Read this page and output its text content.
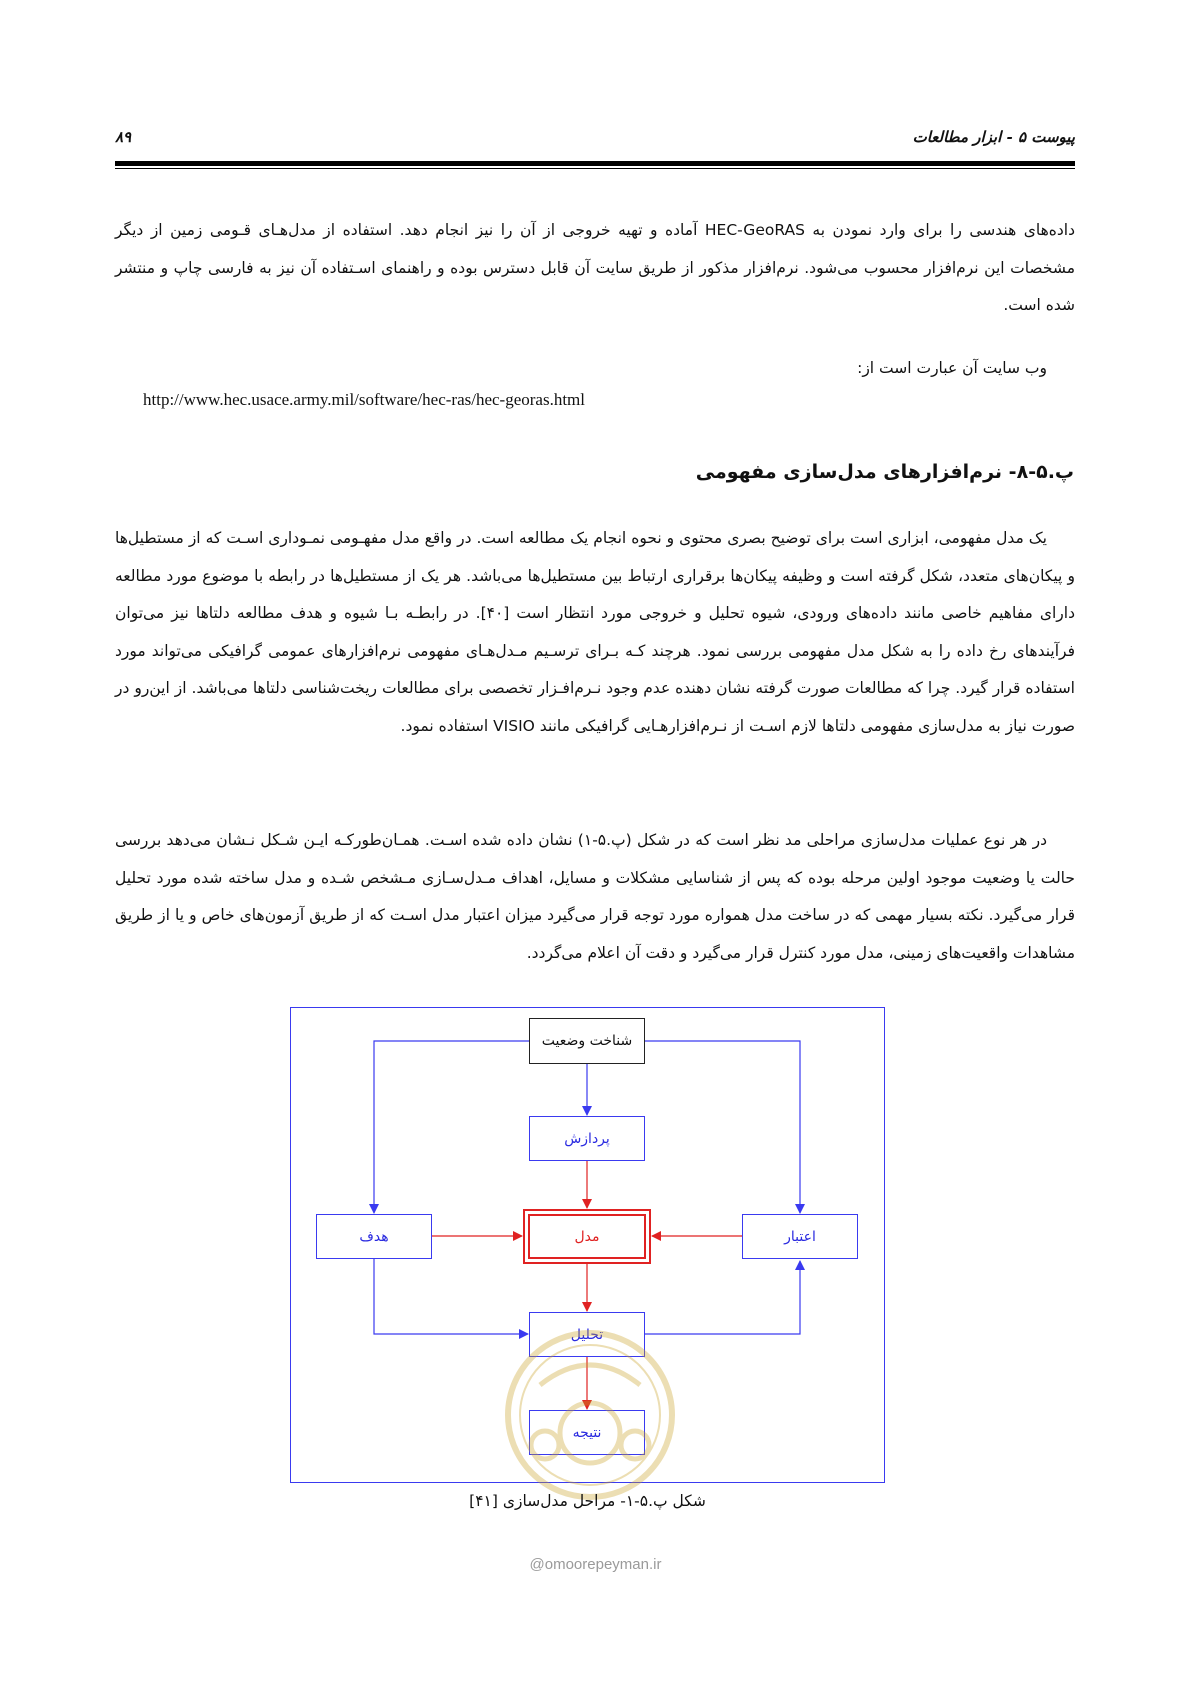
پیوست ۵ - ابزار مطالعات
۸۹

داده‌های هندسی را برای وارد نمودن به HEC-GeoRAS آماده و تهیه خروجی از آن را نیز انجام دهد. استفاده از مدل‌هـای قـومی زمین از دیگر مشخصات این نرم‌افزار محسوب می‌شود. نرم‌افزار مذکور از طریق سایت آن قابل دسترس بوده و راهنمای اسـتفاده آن نیز به فارسی چاپ و منتشر شده است.

وب سایت آن عبارت است از:

http://www.hec.usace.army.mil/software/hec-ras/hec-georas.html
پ.۵-۸- نرم‌افزارهای مدل‌سازی مفهومی

یک مدل مفهومی، ابزاری است برای توضیح بصری محتوی و نحوه انجام یک مطالعه است. در واقع مدل مفهـومی نمـوداری اسـت که از مستطیل‌ها و پیکان‌های متعدد، شکل گرفته است و وظیفه پیکان‌ها برقراری ارتباط بین مستطیل‌ها می‌باشد. هر یک از مستطیل‌ها در رابطه با موضوع مورد مطالعه دارای مفاهیم خاصی مانند داده‌های ورودی، شیوه تحلیل و خروجی مورد انتظار است [۴۰]. در رابطـه بـا شیوه و هدف مطالعه دلتاها نیز می‌توان فرآیندهای رخ داده را به شکل مدل مفهومی بررسی نمود. هرچند کـه بـرای ترسـیم مـدل‌هـای مفهومی نرم‌افزارهای عمومی گرافیکی می‌تواند مورد استفاده قرار گیرد. چرا که مطالعات صورت گرفته نشان دهنده عدم وجود نـرم‌افـزار تخصصی برای مطالعات ریخت‌شناسی دلتاها می‌باشد. از این‌رو در صورت نیاز به مدل‌سازی مفهومی دلتاها لازم اسـت از نـرم‌افزارهـایی گرافیکی مانند VISIO استفاده نمود.

در هر نوع عملیات مدل‌سازی مراحلی مد نظر است که در شکل (پ.۵-۱) نشان داده شده اسـت. همـان‌طورکـه ایـن شـکل نـشان می‌دهد بررسی حالت یا وضعیت موجود اولین مرحله بوده که پس از شناسایی مشکلات و مسایل، اهداف مـدل‌سـازی مـشخص شـده و مدل ساخته شده مورد تحلیل قرار می‌گیرد. نکته بسیار مهمی که در ساخت مدل همواره مورد توجه قرار می‌گیرد میزان اعتبار مدل اسـت که از طریق آزمون‌های خاص و یا از طریق مشاهدات واقعیت‌های زمینی، مدل مورد کنترل قرار می‌گیرد و دقت آن اعلام می‌گردد.

شناخت وضعیت
پردازش
هدف	مدل	اعتبار
تحلیل
نتیجه
شکل پ.۵-۱- مراحل مدل‌سازی [۴۱]
@omoorepeyman.ir
